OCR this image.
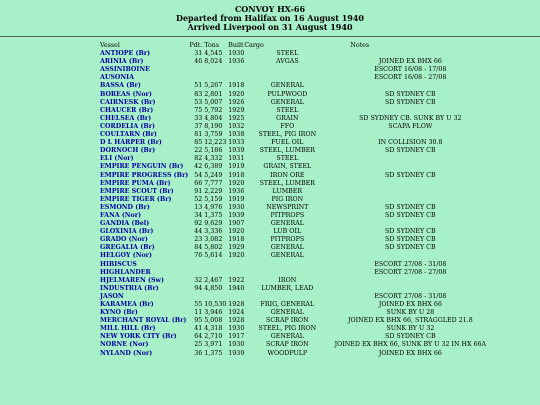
CONVOY HX-66
Departed from Halifax on 16 August 1940
Arrived Liverpool on 31 August 1940
Vessel	Pdt.	Tons	Built	Cargo	Notes
ANTIOPE (Br)	31	4,545	1930	STEEL	
ARINIA (Br)	46	8,024	1936	AVGAS	JOINED EX BHX 66
ASSINIBOINE					ESCORT 16/08 - 17/08
AUSONIA					ESCORT 16/08 - 27/08
BASSA (Br)	51	5,267	1918	GENERAL	
BOREAS (Nor)	83	2,801	1920	PULPWOOD	SD SYDNEY CB
CAIRNESK (Br)	53	5,007	1926	GENERAL	SD SYDNEY CB
CHAUCER (Br)	75	5,792	1929	STEEL	
CHELSEA (Br)	33	4,804	1925	GRAIN	SD SYDNEY CB. SUNK BY U 32
CORDELIA (Br)	37	8,190	1932	FFO	SCAPA FLOW
COULTARN (Br)	81	3,759	1938	STEEL, PIG IRON	
D L HARPER (Br)	85	12,223	1933	FUEL OIL	IN COLLISION 30.8
DORNOCH (Br)	22	5,186	1939	STEEL, LUMBER	SD SYDNEY CB
ELI (Nor)	82	4,332	1931	STEEL	
EMPIRE PENGUIN (Br)	42	6,389	1919	GRAIN, STEEL	
EMPIRE PROGRESS (Br)	54	5,249	1918	IRON ORE	SD SYDNEY CB
EMPIRE PUMA (Br)	66	7,777	1920	STEEL, LUMBER	
EMPIRE SCOUT (Br)	91	2,229	1936	LUMBER	
EMPIRE TIGER (Br)	52	5,159	1919	PIG IRON	
ESMOND (Br)	13	4,976	1930	NEWSPRINT	SD SYDNEY CB
FANA (Nor)	34	1,375	1939	PITPROPS	SD SYDNEY CB
GANDIA (Bel)	92	9,629	1907	GENERAL	
GLOXINIA (Br)	44	3,336	1920	LUB OIL	SD SYDNEY CB
GRADO (Nor)	23	3,082	1918	PITPROPS	SD SYDNEY CB
GREGALIA (Br)	84	5,802	1929	GENERAL	SD SYDNEY CB
HELGOY (Nor)	76	5,614	1920	GENERAL	
HIBISCUS					ESCORT 27/08 - 31/08
HIGHLANDER					ESCORT 27/08 - 27/08
HJELMAREN (Sw)	32	2,467	1922	IRON	
INDUSTRIA (Br)	94	4,850	1940	LUMBER, LEAD	
JASON					ESCORT 27/08 - 31/08
KARAMEA (Br)	55	10,530	1928	FRIG, GENERAL	JOINED EX BHX 66
KYNO (Br)	11	3,946	1924	GENERAL	SUNK BY U 28
MERCHANT ROYAL (Br)	95	5,008	1928	SCRAP IRON	JOINED EX BHX 66, STRAGGLED 21.8
MILL HILL (Br)	41	4,318	1930	STEEL, PIG IRON	SUNK BY U 32
NEW YORK CITY (Br)	64	2,710	1917	GENERAL	SD SYDNEY CB
NORNE (Nor)	25	3,971	1930	SCRAP IRON	JOINED EX BHX 66, SUNK BY U 32 IN HX 66A
NYLAND (Nor)	36	1,375	1939	WOODPULP	JOINED EX BHX 66
